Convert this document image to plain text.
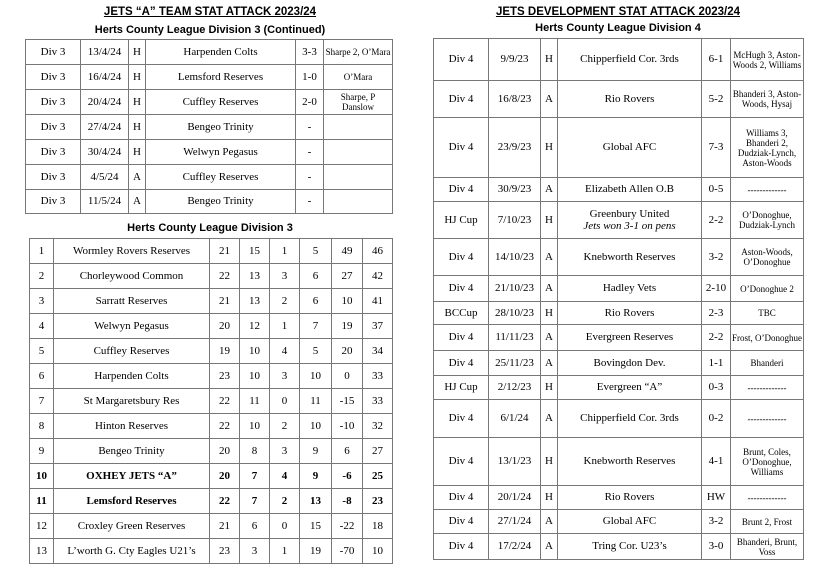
JETS “A” TEAM STAT ATTACK 2023/24
Herts County League Division 3 (Continued)
Div 3	13/4/24	H	Harpenden Colts	3-3	Sharpe 2, O’Mara
Div 3	16/4/24	H	Lemsford Reserves	1-0	O’Mara
Div 3	20/4/24	H	Cuffley Reserves	2-0	Sharpe, P Danslow
Div 3	27/4/24	H	Bengeo Trinity	-	
Div 3	30/4/24	H	Welwyn Pegasus	-	
Div 3	4/5/24	A	Cuffley Reserves	-	
Div 3	11/5/24	A	Bengeo Trinity	-	
Herts County League Division 3
1	Wormley Rovers Reserves	21	15	1	5	49	46
2	Chorleywood Common	22	13	3	6	27	42
3	Sarratt Reserves	21	13	2	6	10	41
4	Welwyn Pegasus	20	12	1	7	19	37
5	Cuffley Reserves	19	10	4	5	20	34
6	Harpenden Colts	23	10	3	10	0	33
7	St Margaretsbury Res	22	11	0	11	-15	33
8	Hinton Reserves	22	10	2	10	-10	32
9	Bengeo Trinity	20	8	3	9	6	27
10	OXHEY JETS “A”	20	7	4	9	-6	25
11	Lemsford Reserves	22	7	2	13	-8	23
12	Croxley Green Reserves	21	6	0	15	-22	18
13	L’worth G. Cty Eagles U21’s	23	3	1	19	-70	10
JETS DEVELOPMENT STAT ATTACK 2023/24
Herts County League Division 4
Div 4	9/9/23	H	Chipperfield Cor. 3rds	6-1	McHugh 3, Aston-Woods 2, Williams
Div 4	16/8/23	A	Rio Rovers	5-2	Bhanderi 3, Aston-Woods, Hysaj
Div 4	23/9/23	H	Global AFC	7-3	Williams 3, Bhanderi 2, Dudziak-Lynch, Aston-Woods
Div 4	30/9/23	A	Elizabeth Allen O.B	0-5	-------------
HJ Cup	7/10/23	H	Greenbury United
Jets won 3-1 on pens	2-2	O’Donoghue, Dudziak-Lynch
Div 4	14/10/23	A	Knebworth Reserves	3-2	Aston-Woods, O’Donoghue
Div 4	21/10/23	A	Hadley Vets	2-10	O’Donoghue 2
BCCup	28/10/23	H	Rio Rovers	2-3	TBC
Div 4	11/11/23	A	Evergreen Reserves	2-2	Frost, O’Donoghue
Div 4	25/11/23	A	Bovingdon Dev.	1-1	Bhanderi
HJ Cup	2/12/23	H	Evergreen “A”	0-3	-------------
Div 4	6/1/24	A	Chipperfield Cor. 3rds	0-2	-------------
Div 4	13/1/23	H	Knebworth Reserves	4-1	Brunt, Coles, O’Donoghue, Williams
Div 4	20/1/24	H	Rio Rovers	HW	-------------
Div 4	27/1/24	A	Global AFC	3-2	Brunt 2, Frost
Div 4	17/2/24	A	Tring Cor. U23’s	3-0	Bhanderi, Brunt, Voss
